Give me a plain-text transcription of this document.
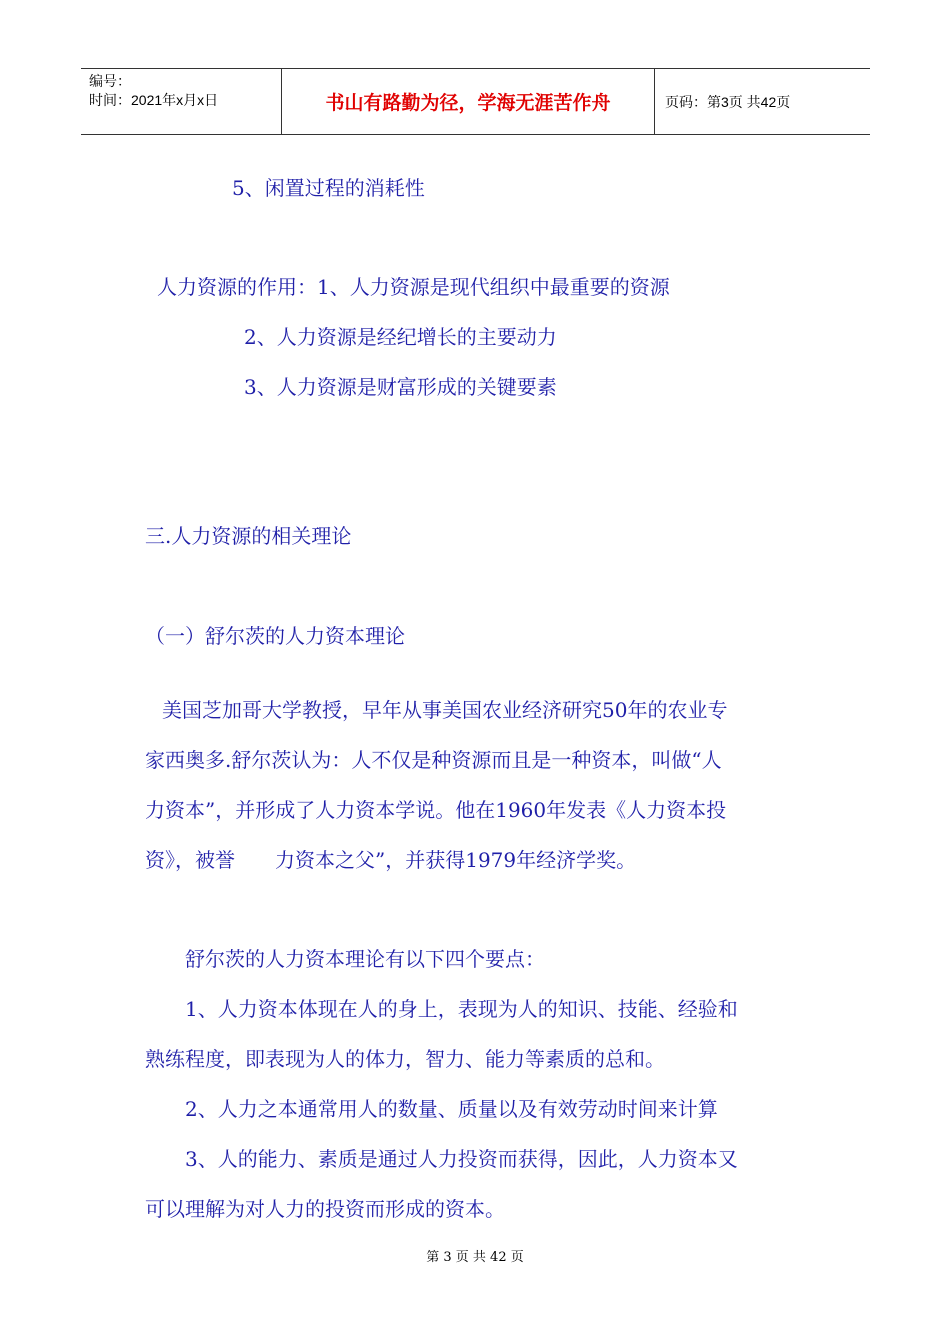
编号：
时间：2021年x月x日	书山有路勤为径，学海无涯苦作舟	页码：第3页 共42页
5、闲置过程的消耗性
人力资源的作用：1、人力资源是现代组织中最重要的资源
2、人力资源是经纪增长的主要动力
3、人力资源是财富形成的关键要素
三.人力资源的相关理论
（一）舒尔茨的人力资本理论
美国芝加哥大学教授，早年从事美国农业经济研究50年的农业专
家西奥多.舒尔茨认为：人不仅是种资源而且是一种资本，叫做“人
力资本”，并形成了人力资本学说。他在1960年发表《人力资本投
资》，被誉　　力资本之父”，并获得1979年经济学奖。
舒尔茨的人力资本理论有以下四个要点：
1、人力资本体现在人的身上，表现为人的知识、技能、经验和
熟练程度，即表现为人的体力，智力、能力等素质的总和。
2、人力之本通常用人的数量、质量以及有效劳动时间来计算
3、人的能力、素质是通过人力投资而获得，因此，人力资本又
可以理解为对人力的投资而形成的资本。
第 3 页 共 42 页
